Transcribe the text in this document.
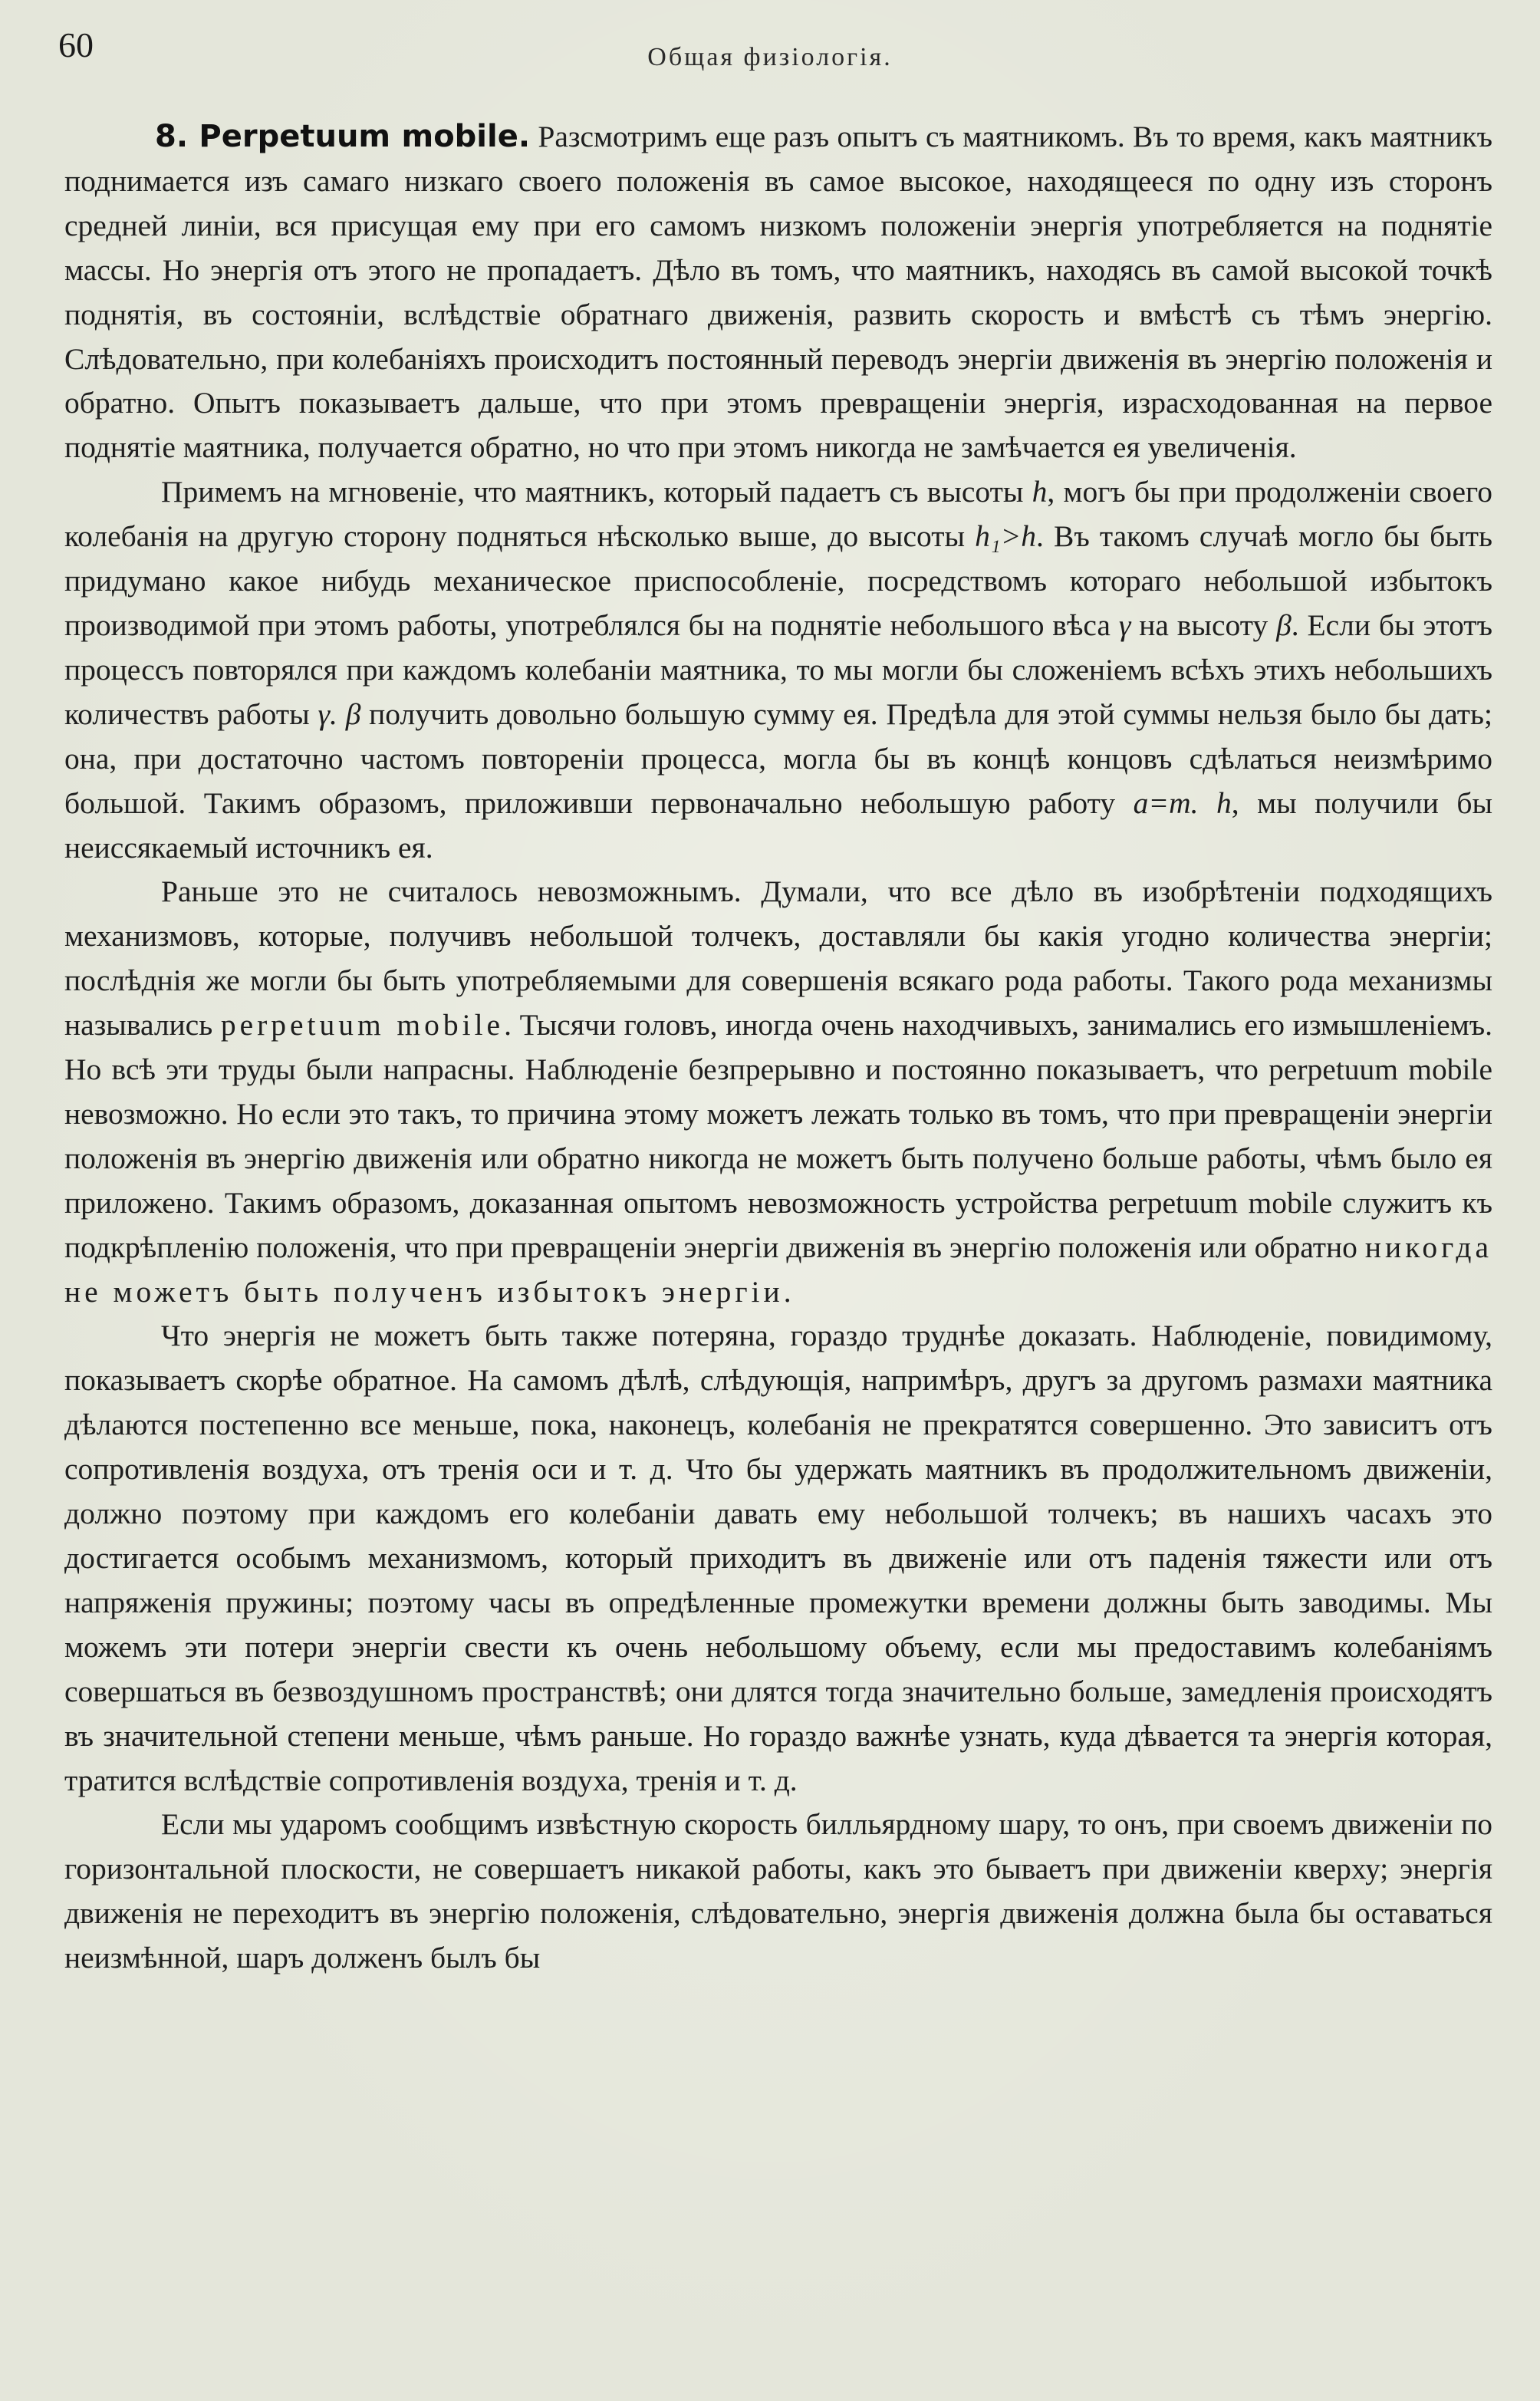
60	Общая физiологiя.

8. Perpetuum mobile. Разсмотримъ еще разъ опытъ съ маятникомъ. Въ то время, какъ маятникъ поднимается изъ самаго низкаго своего положенiя въ самое высокое, находящееся по одну изъ сторонъ средней линiи, вся присущая ему при его самомъ низкомъ положенiи энергiя употребляется на поднятiе массы. Но энергiя отъ этого не пропадаетъ. Дѣло въ томъ, что маятникъ, находясь въ самой высокой точкѣ поднятiя, въ состоянiи, вслѣдствiе обратнаго движенiя, развить скорость и вмѣстѣ съ тѣмъ энергiю. Слѣдовательно, при колебанiяхъ происходитъ постоянный переводъ энергiи движенiя въ энергiю положенiя и обратно. Опытъ показываетъ дальше, что при этомъ превращенiи энергiя, израсходованная на первое поднятiе маятника, получается обратно, но что при этомъ никогда не замѣчается ея увеличенiя.

Примемъ на мгновенiе, что маятникъ, который падаетъ съ высоты h, могъ бы при продолженiи своего колебанiя на другую сторону подняться нѣсколько выше, до высоты h₁>h. Въ такомъ случаѣ могло бы быть придумано какое нибудь механическое приспособленiе, посредствомъ котораго небольшой избытокъ производимой при этомъ работы, употреблялся бы на поднятiе небольшого вѣса γ на высоту β. Если бы этотъ процессъ повторялся при каждомъ колебанiи маятника, то мы могли бы сложенiемъ всѣхъ этихъ небольшихъ количествъ работы γ. β получить довольно большую сумму ея. Предѣла для этой суммы нельзя было бы дать; она, при достаточно частомъ повторенiи процесса, могла бы въ концѣ концовъ сдѣлаться неизмѣримо большой. Такимъ образомъ, приложивши первоначально небольшую работу a=m. h, мы получили бы неиссякаемый источникъ ея.

Раньше это не считалось невозможнымъ. Думали, что все дѣло въ изобрѣтенiи подходящихъ механизмовъ, которые, получивъ небольшой толчекъ, доставляли бы какiя угодно количества энергiи; послѣднiя же могли бы быть употребляемыми для совершенiя всякаго рода работы. Такого рода механизмы назывались perpetuum mobile. Тысячи головъ, иногда очень находчивыхъ, занимались его измышленiемъ. Но всѣ эти труды были напрасны. Наблюденiе безпрерывно и постоянно показываетъ, что perpetuum mobile невозможно. Но если это такъ, то причина этому можетъ лежать только въ томъ, что при превращенiи энергiи положенiя въ энергiю движенiя или обратно никогда не можетъ быть получено больше работы, чѣмъ было ея приложено. Такимъ образомъ, доказанная опытомъ невозможность устройства perpetuum mobile служитъ къ подкрѣпленiю положенiя, что при превращенiи энергiи движенiя въ энергiю положенiя или обратно никогда не можетъ быть полученъ избытокъ энергiи.

Что энергiя не можетъ быть также потеряна, гораздо труднѣе доказать. Наблюденiе, повидимому, показываетъ скорѣе обратное. На самомъ дѣлѣ, слѣдующiя, напримѣръ, другъ за другомъ размахи маятника дѣлаются постепенно все меньше, пока, наконецъ, колебанiя не прекратятся совершенно. Это зависитъ отъ сопротивленiя воздуха, отъ тренiя оси и т. д. Что бы удержать маятникъ въ продолжительномъ движенiи, должно поэтому при каждомъ его колебанiи давать ему небольшой толчекъ; въ нашихъ часахъ это достигается особымъ механизмомъ, который приходитъ въ движенiе или отъ паденiя тяжести или отъ напряженiя пружины; поэтому часы въ опредѣленные промежутки времени должны быть заводимы. Мы можемъ эти потери энергiи свести къ очень небольшому объему, если мы предоставимъ колебанiямъ совершаться въ безвоздушномъ пространствѣ; они длятся тогда значительно больше, замедленiя происходятъ въ значительной степени меньше, чѣмъ раньше. Но гораздо важнѣе узнать, куда дѣвается та энергiя которая, тратится вслѣдствiе сопротивленiя воздуха, тренiя и т. д.

Если мы ударомъ сообщимъ извѣстную скорость билльярдному шару, то онъ, при своемъ движенiи по горизонтальной плоскости, не совершаетъ никакой работы, какъ это бываетъ при движенiи кверху; энергiя движенiя не переходитъ въ энергiю положенiя, слѣдовательно, энергiя движенiя должна была бы оставаться неизмѣнной, шаръ долженъ былъ бы
